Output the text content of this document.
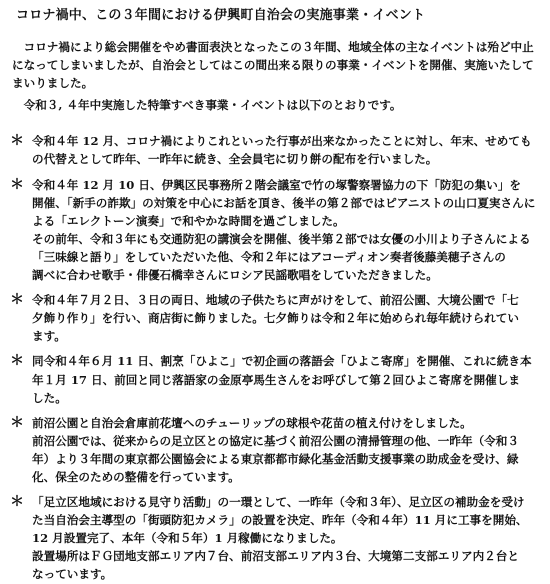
コロナ禍中、この３年間における伊興町自治会の実施事業・イベント
コロナ禍により総会開催をやめ書面表決となったこの３年間、地域全体の主なイベントは殆ど中止になってしまいましたが、自治会としてはこの間出来る限りの事業・イベントを開催、実施いたしてまいりました。
令和３, ４年中実施した特筆すべき事業・イベントは以下のとおりです。
＊ 令和４年 12 月、コロナ禍によりこれといった行事が出来なかったことに対し、年末、せめても
の代替えとして昨年、一昨年に続き、全会員宅に切り餅の配布を行いました。
＊ 令和４年 12 月 10 日、伊興区民事務所２階会議室で竹の塚警察署協力の下「防犯の集い」を
開催、「新手の詐欺」の対策を中心にお話を頂き、後半の第２部ではピアニストの山口夏実さんに
よる「エレクトーン演奏」で和やかな時間を過ごしました。
その前年、令和３年にも交通防犯の講演会を開催、後半第２部では女優の小川より子さんによる
「三味線と語り」をしていただいた他、令和２年にはアコーディオン奏者後藤美穂子さんの
調べに合わせ歌手・俳優石橋幸さんにロシア民謡歌唱をしていただきました。
＊ 令和４年７月２日、３日の両日、地域の子供たちに声がけをして、前沼公園、大境公園で「七
夕飾り作り」を行い、商店街に飾りました。七夕飾りは令和２年に始められ毎年続けられてい
ます。
＊ 同令和４年６月 11 日、割烹「ひよこ」で初企画の落語会「ひよこ寄席」を開催、これに続き本
年１月 17 日、前回と同じ落語家の金原亭馬生さんをお呼びして第２回ひよこ寄席を開催しま
した。
＊ 前沼公園と自治会倉庫前花壇へのチューリップの球根や花苗の植え付けをしました。
前沼公園では、従来からの足立区との協定に基づく前沼公園の清掃管理の他、一昨年（令和３
年）より３年間の東京都公園協会による東京都都市緑化基金活動支援事業の助成金を受け、緑
化、保全のための整備を行っています。
＊ 「足立区地域における見守り活動」の一環として、一昨年（令和３年）、足立区の補助金を受け
た当自治会主導型の「街頭防犯カメラ」の設置を決定、昨年（令和４年）11 月に工事を開始、
12 月設置完了、本年（令和５年）1 月稼働になりました。
設置場所はＦＧ団地支部エリア内７台、前沼支部エリア内３台、大境第二支部エリア内２台と
なっています。
